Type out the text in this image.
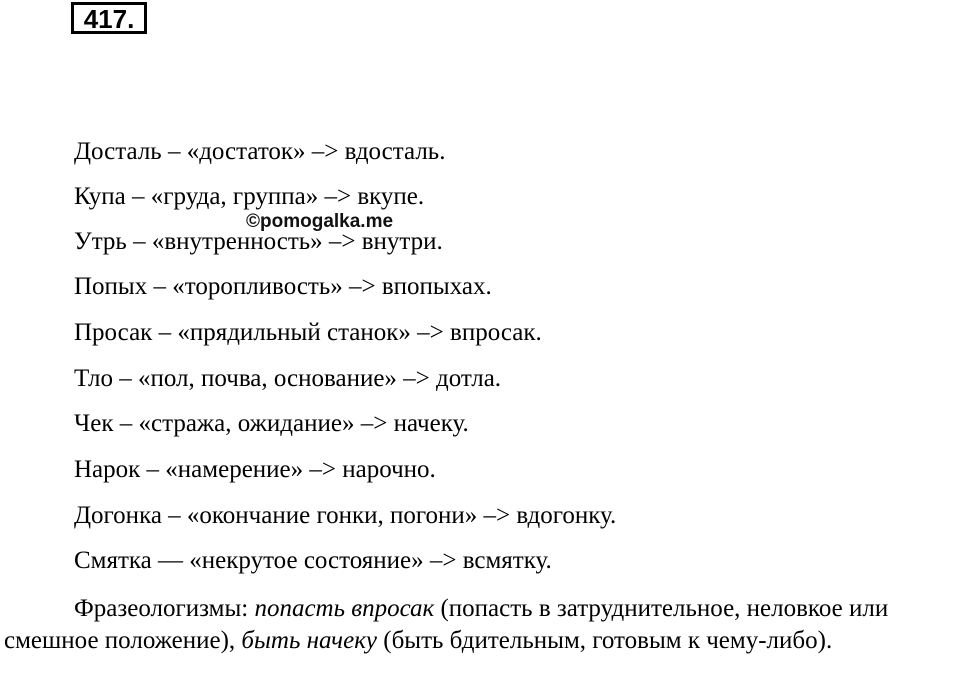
417.
Досталь – «достаток» –> вдосталь.
Купа – «груда, группа» –> вкупе.
Утрь – «внутренность» –> внутри.
Попых – «торопливость» –> впопыхах.
Просак – «прядильный станок» –> впросак.
Тло – «пол, почва, основание» –> дотла.
Чек – «стража, ожидание» –> начеку.
Нарок – «намерение» –> нарочно.
Догонка – «окончание гонки, погони» –> вдогонку.
Смятка — «некрутое состояние» –> всмятку.
©pomogalka.me
Фразеологизмы: попасть впросак (попасть в затруднительное, неловкое или смешное положение), быть начеку (быть бдительным, готовым к чему-либо).
